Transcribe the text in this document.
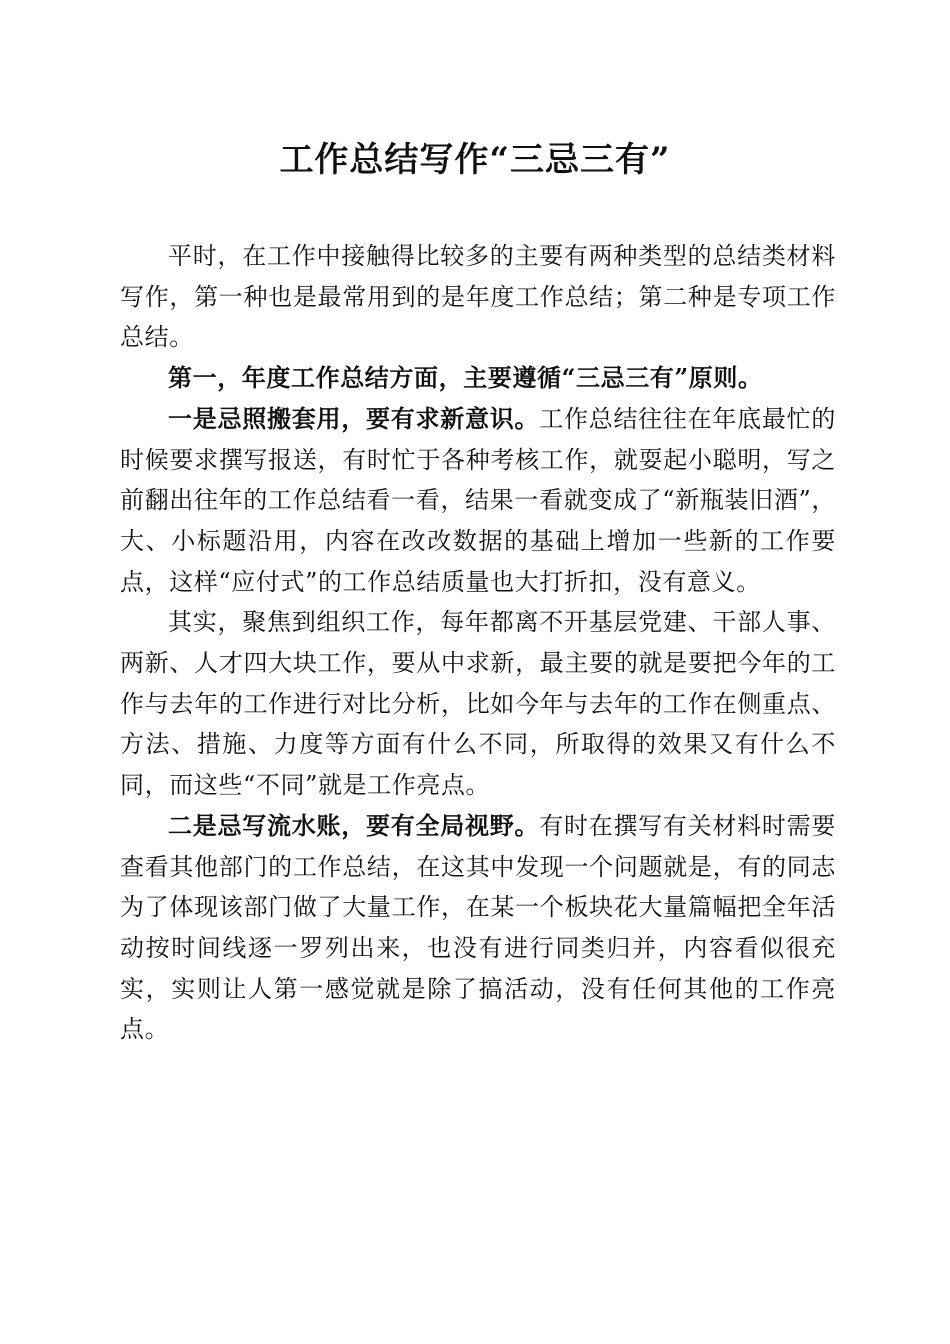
工作总结写作“三忌三有”

平时，在工作中接触得比较多的主要有两种类型的总结类材料写作，第一种也是最常用到的是年度工作总结；第二种是专项工作总结。

第一，年度工作总结方面，主要遵循“三忌三有”原则。

一是忌照搬套用，要有求新意识。工作总结往往在年底最忙的时候要求撰写报送，有时忙于各种考核工作，就耍起小聪明，写之前翻出往年的工作总结看一看，结果一看就变成了“新瓶装旧酒”，大、小标题沿用，内容在改改数据的基础上增加一些新的工作要点，这样“应付式”的工作总结质量也大打折扣，没有意义。

其实，聚焦到组织工作，每年都离不开基层党建、干部人事、两新、人才四大块工作，要从中求新，最主要的就是要把今年的工作与去年的工作进行对比分析，比如今年与去年的工作在侧重点、方法、措施、力度等方面有什么不同，所取得的效果又有什么不同，而这些“不同”就是工作亮点。

二是忌写流水账，要有全局视野。有时在撰写有关材料时需要查看其他部门的工作总结，在这其中发现一个问题就是，有的同志为了体现该部门做了大量工作，在某一个板块花大量篇幅把全年活动按时间线逐一罗列出来，也没有进行同类归并，内容看似很充实，实则让人第一感觉就是除了搞活动，没有任何其他的工作亮点。
